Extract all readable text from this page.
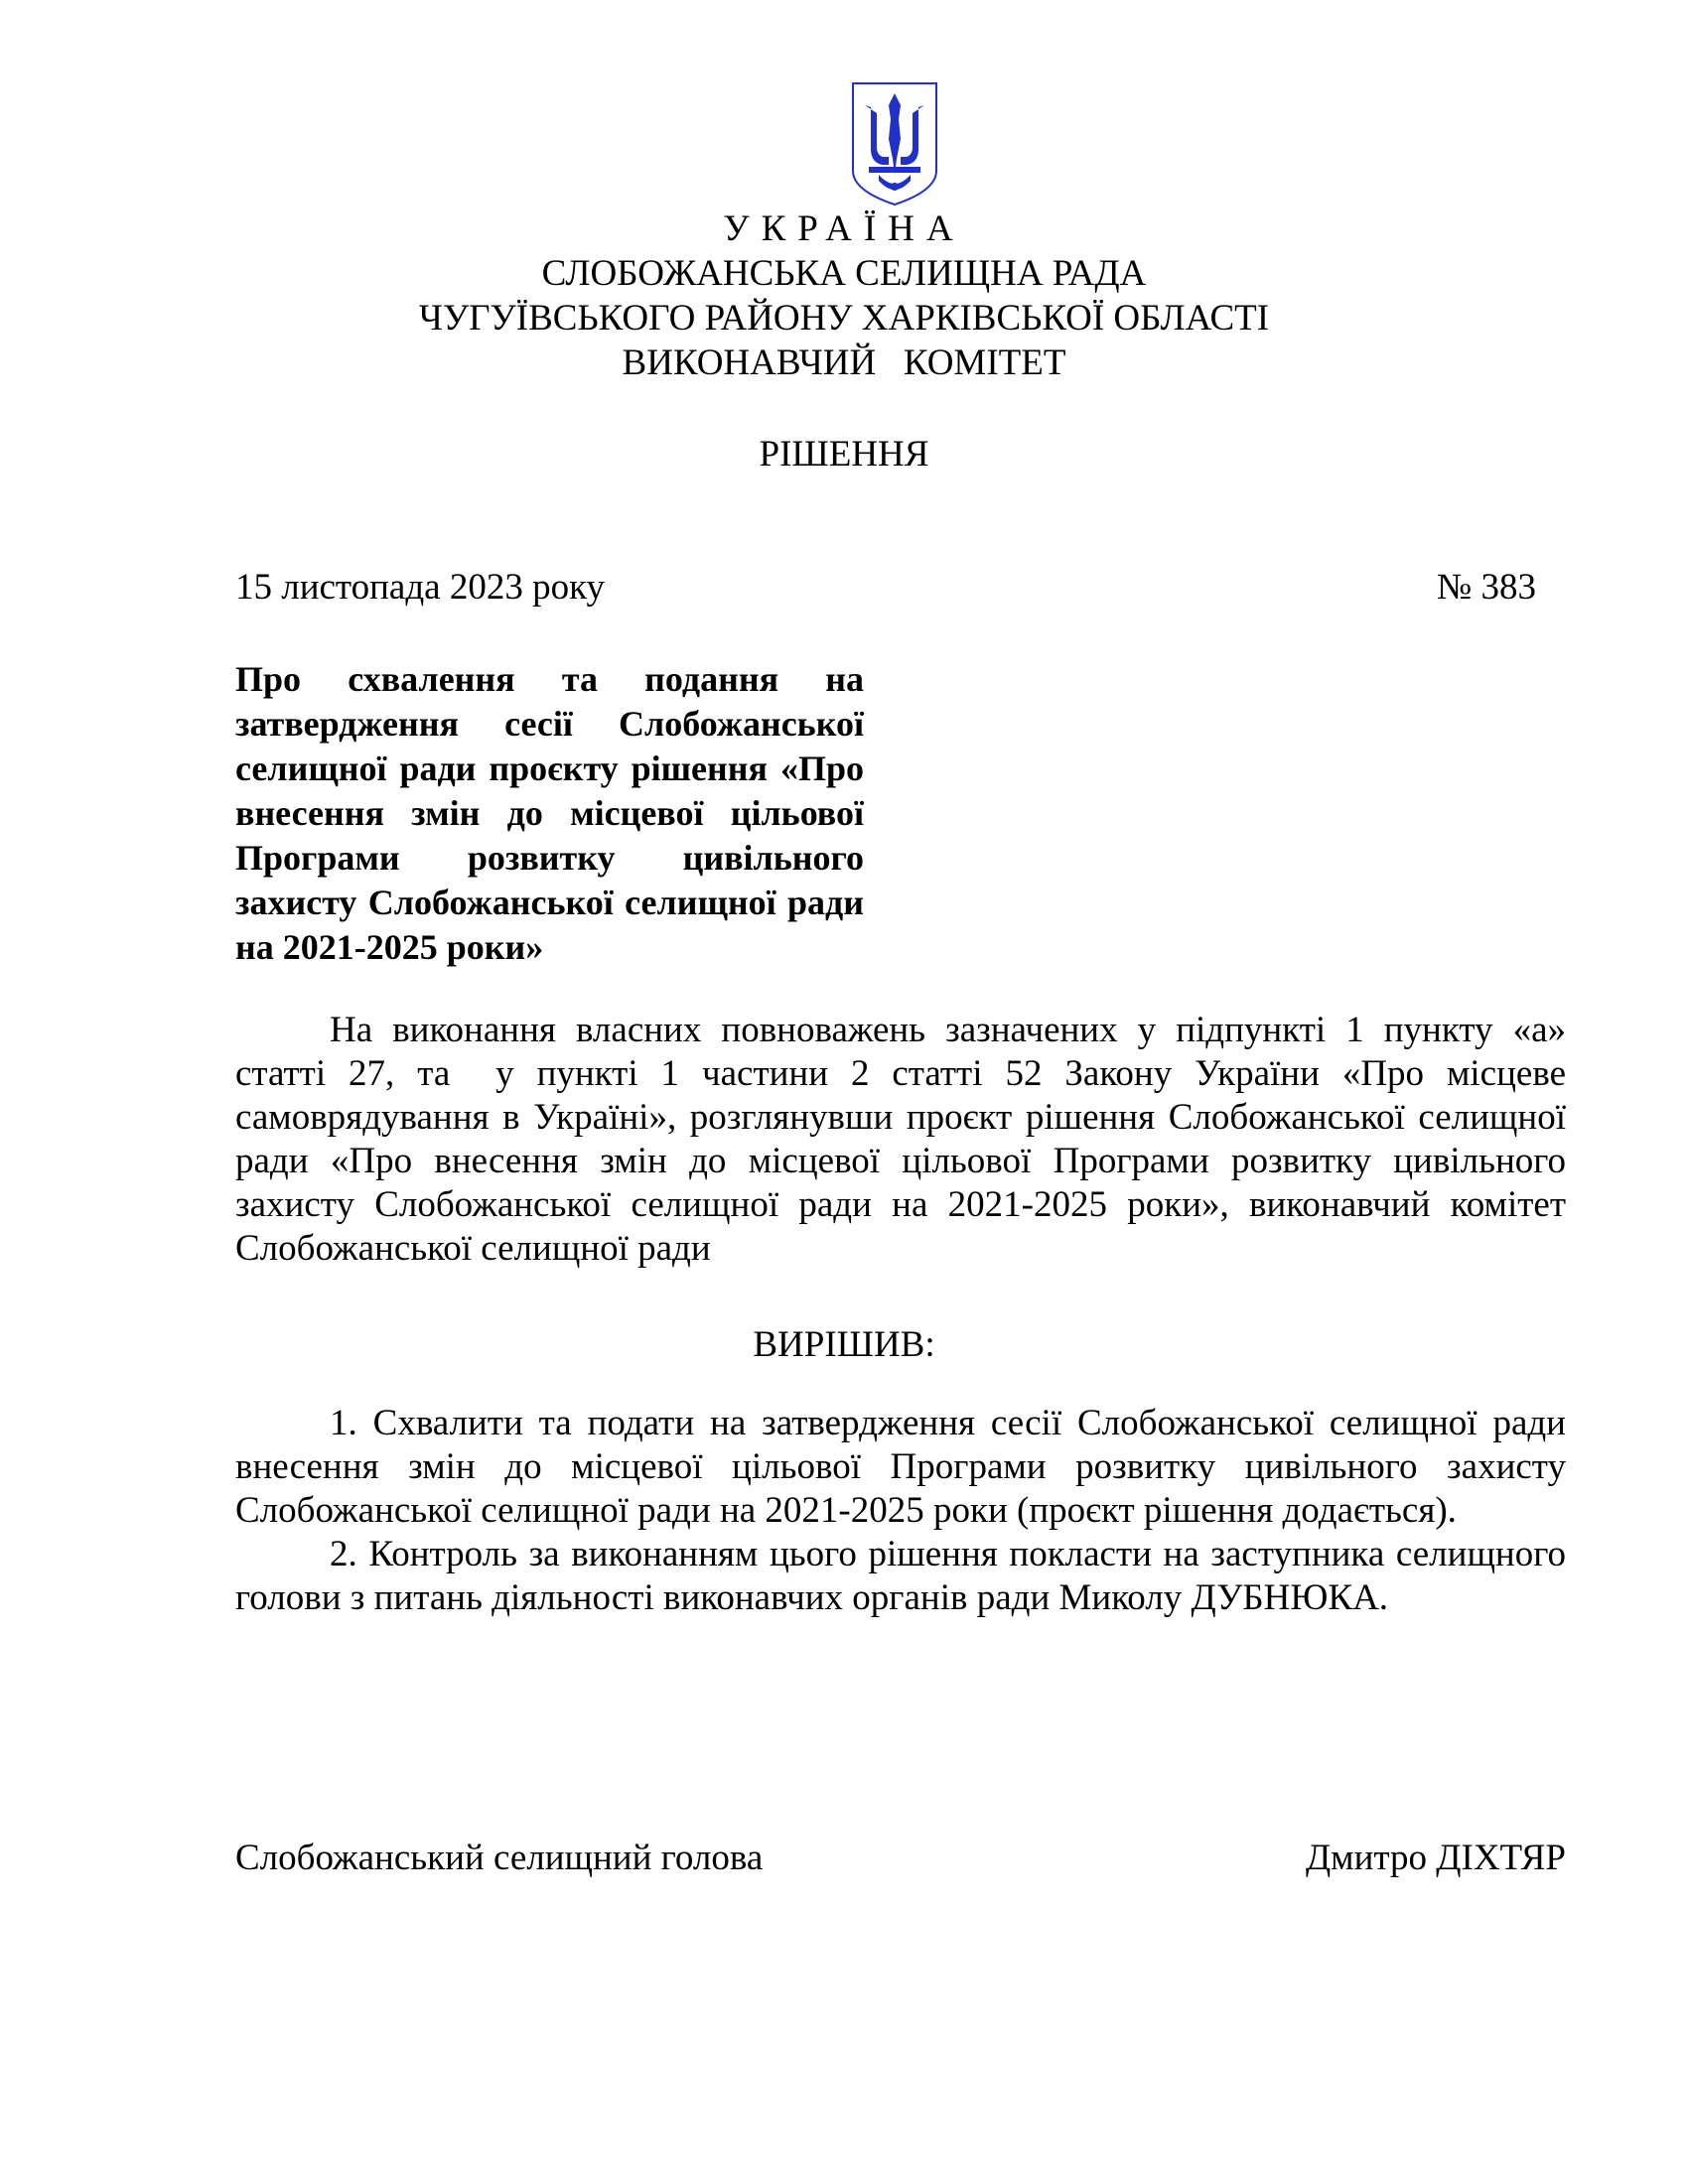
УКРАЇНА
СЛОБОЖАНСЬКА СЕЛИЩНА РАДА
ЧУГУЇВСЬКОГО РАЙОНУ ХАРКІВСЬКОЇ ОБЛАСТІ
ВИКОНАВЧИЙ   КОМІТЕТ
РІШЕННЯ
15 листопада 2023 року	№ 383
Про схвалення та подання на затвердження сесії Слобожанської селищної ради проєкту рішення «Про внесення змін до місцевої цільової Програми розвитку цивільного захисту Слобожанської селищної ради на 2021-2025 роки»

На виконання власних повноважень зазначених у підпункті 1 пункту «а» статті 27, та  у пункті 1 частини 2 статті 52 Закону України «Про місцеве самоврядування в Україні», розглянувши проєкт рішення Слобожанської селищної ради «Про внесення змін до місцевої цільової Програми розвитку цивільного захисту Слобожанської селищної ради на 2021-2025 роки», виконавчий комітет Слобожанської селищної ради

ВИРІШИВ:

1. Схвалити та подати на затвердження сесії Слобожанської селищної ради внесення змін до місцевої цільової Програми розвитку цивільного захисту Слобожанської селищної ради на 2021-2025 роки (проєкт рішення додається).

2. Контроль за виконанням цього рішення покласти на заступника селищного голови з питань діяльності виконавчих органів ради Миколу ДУБНЮКА.

Слобожанський селищний голова	Дмитро ДІХТЯР
